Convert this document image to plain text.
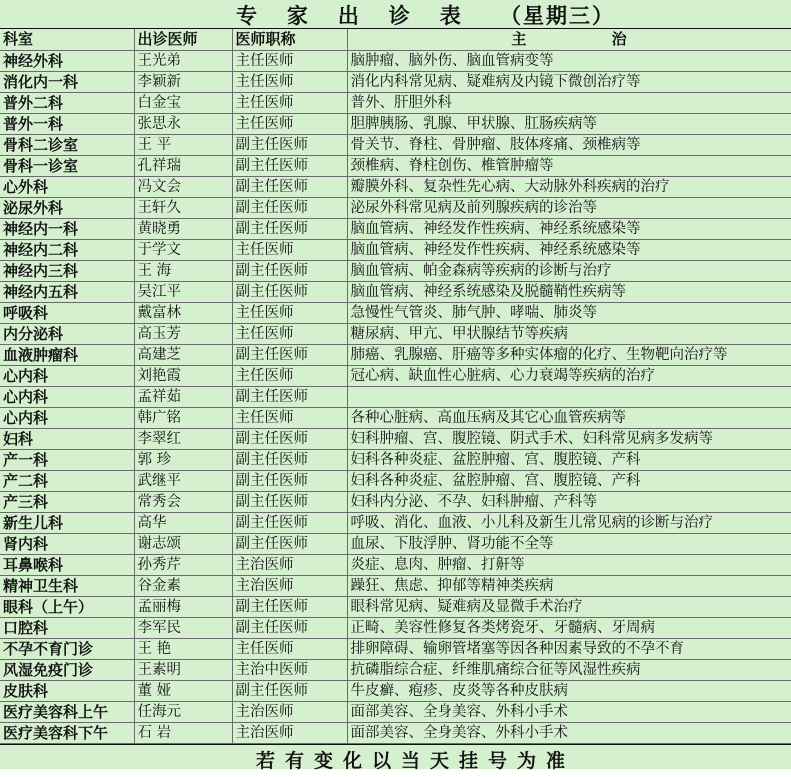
专   家   出   诊   表    （星期三）
科室	出诊医师	医师职称	主 治
神经外科	王光弟	主任医师	脑肿瘤、脑外伤、脑血管病变等
消化内一科	李颖新	主任医师	消化内科常见病、疑难病及内镜下微创治疗等
普外二科	白金宝	主任医师	普外、肝胆外科
普外一科	张思永	主任医师	胆脾胰肠、乳腺、甲状腺、肛肠疾病等
骨科二诊室	王 平	副主任医师	骨关节、脊柱、骨肿瘤、肢体疼痛、颈椎病等
骨科一诊室	孔祥瑞	副主任医师	颈椎病、脊柱创伤、椎管肿瘤等
心外科	冯文会	副主任医师	瓣膜外科、复杂性先心病、大动脉外科疾病的治疗
泌尿外科	王轩久	副主任医师	泌尿外科常见病及前列腺疾病的诊治等
神经内一科	黄晓勇	副主任医师	脑血管病、神经发作性疾病、神经系统感染等
神经内二科	于学文	主任医师	脑血管病、神经发作性疾病、神经系统感染等
神经内三科	王 海	副主任医师	脑血管病、帕金森病等疾病的诊断与治疗
神经内五科	吴江平	副主任医师	脑血管病、神经系统感染及脱髓鞘性疾病等
呼吸科	戴富林	主任医师	急慢性气管炎、肺气肿、哮喘、肺炎等
内分泌科	高玉芳	主任医师	糖尿病、甲亢、甲状腺结节等疾病
血液肿瘤科	高建芝	副主任医师	肺癌、乳腺癌、肝癌等多种实体瘤的化疗、生物靶向治疗等
心内科	刘艳霞	主任医师	冠心病、缺血性心脏病、心力衰竭等疾病的治疗
心内科	孟祥茹	副主任医师	
心内科	韩广铭	主任医师	各种心脏病、高血压病及其它心血管疾病等
妇科	李翠红	副主任医师	妇科肿瘤、宫、腹腔镜、阴式手术、妇科常见病多发病等
产一科	郭 珍	副主任医师	妇科各种炎症、盆腔肿瘤、宫、腹腔镜、产科
产二科	武继平	副主任医师	妇科各种炎症、盆腔肿瘤、宫、腹腔镜、产科
产三科	常秀会	副主任医师	妇科内分泌、不孕、妇科肿瘤、产科等
新生儿科	高华	副主任医师	呼吸、消化、血液、小儿科及新生儿常见病的诊断与治疗
肾内科	谢志颂	副主任医师	血尿、下肢浮肿、肾功能不全等
耳鼻喉科	孙秀芹	主治医师	炎症、息肉、肿瘤、打鼾等
精神卫生科	谷金素	主治医师	躁狂、焦虑、抑郁等精神类疾病
眼科（上午）	孟丽梅	副主任医师	眼科常见病、疑难病及显微手术治疗
口腔科	李军民	副主任医师	正畸、美容性修复各类烤瓷牙、牙髓病、牙周病
不孕不育门诊	王 艳	主任医师	排卵障碍、输卵管堵塞等因各种因素导致的不孕不育
风湿免疫门诊	王素明	主治中医师	抗磷脂综合症、纤维肌痛综合征等风湿性疾病
皮肤科	董 娅	副主任医师	牛皮癣、疱疹、皮炎等各种皮肤病
医疗美容科上午	任海元	主治医师	面部美容、全身美容、外科小手术
医疗美容科下午	石 岩	主治医师	面部美容、全身美容、外科小手术
若有变化以当天挂号为准
